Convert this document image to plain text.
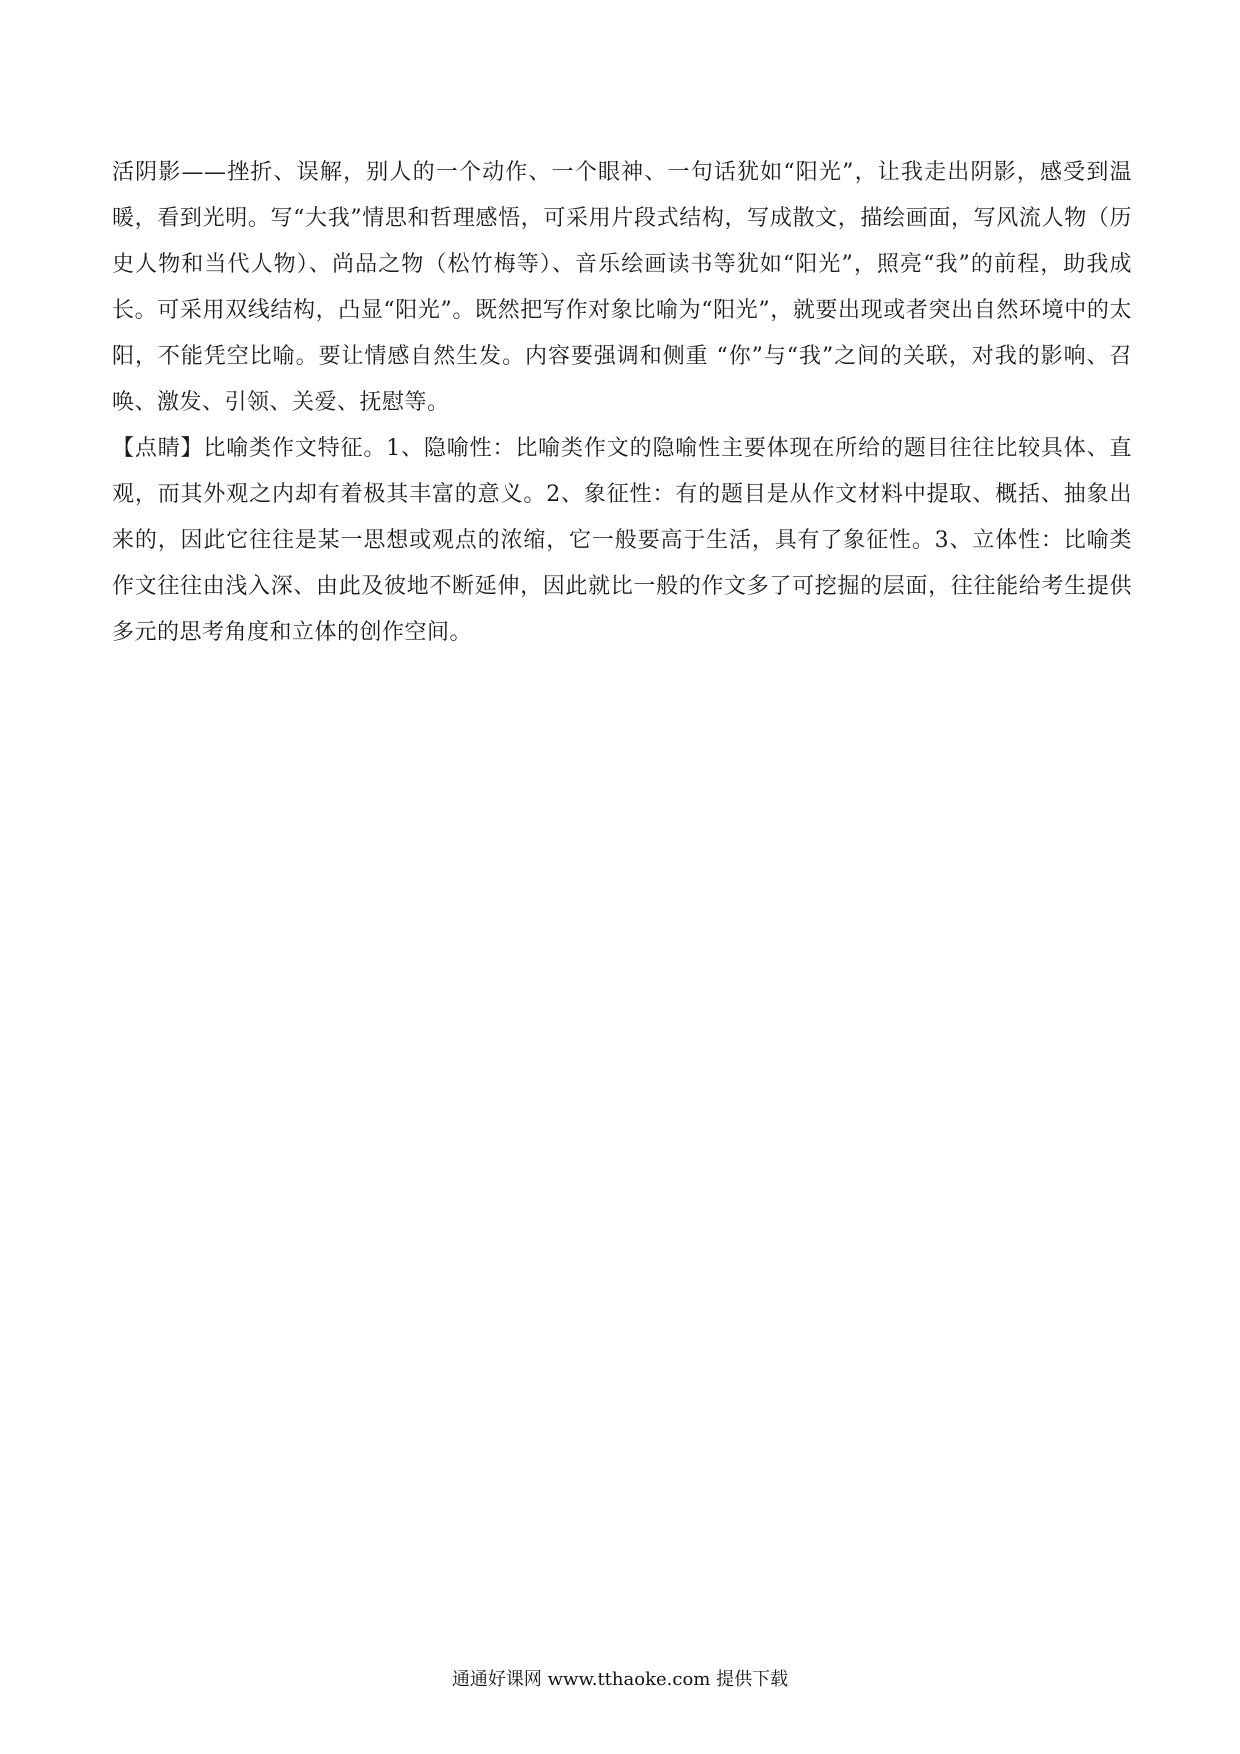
活阴影——挫折、误解，别人的一个动作、一个眼神、一句话犹如“阳光”，让我走出阴影，感受到温暖，看到光明。写“大我”情思和哲理感悟，可采用片段式结构，写成散文，描绘画面，写风流人物（历史人物和当代人物）、尚品之物（松竹梅等）、音乐绘画读书等犹如“阳光”，照亮“我”的前程，助我成长。可采用双线结构，凸显“阳光”。既然把写作对象比喻为“阳光”，就要出现或者突出自然环境中的太阳，不能凭空比喻。要让情感自然生发。内容要强调和侧重 “你”与“我”之间的关联，对我的影响、召唤、激发、引领、关爱、抚慰等。

【点睛】比喻类作文特征。1、隐喻性：比喻类作文的隐喻性主要体现在所给的题目往往比较具体、直观，而其外观之内却有着极其丰富的意义。2、象征性：有的题目是从作文材料中提取、概括、抽象出来的，因此它往往是某一思想或观点的浓缩，它一般要高于生活，具有了象征性。3、立体性：比喻类作文往往由浅入深、由此及彼地不断延伸，因此就比一般的作文多了可挖掘的层面，往往能给考生提供多元的思考角度和立体的创作空间。

通通好课网 www.tthaoke.com 提供下载
